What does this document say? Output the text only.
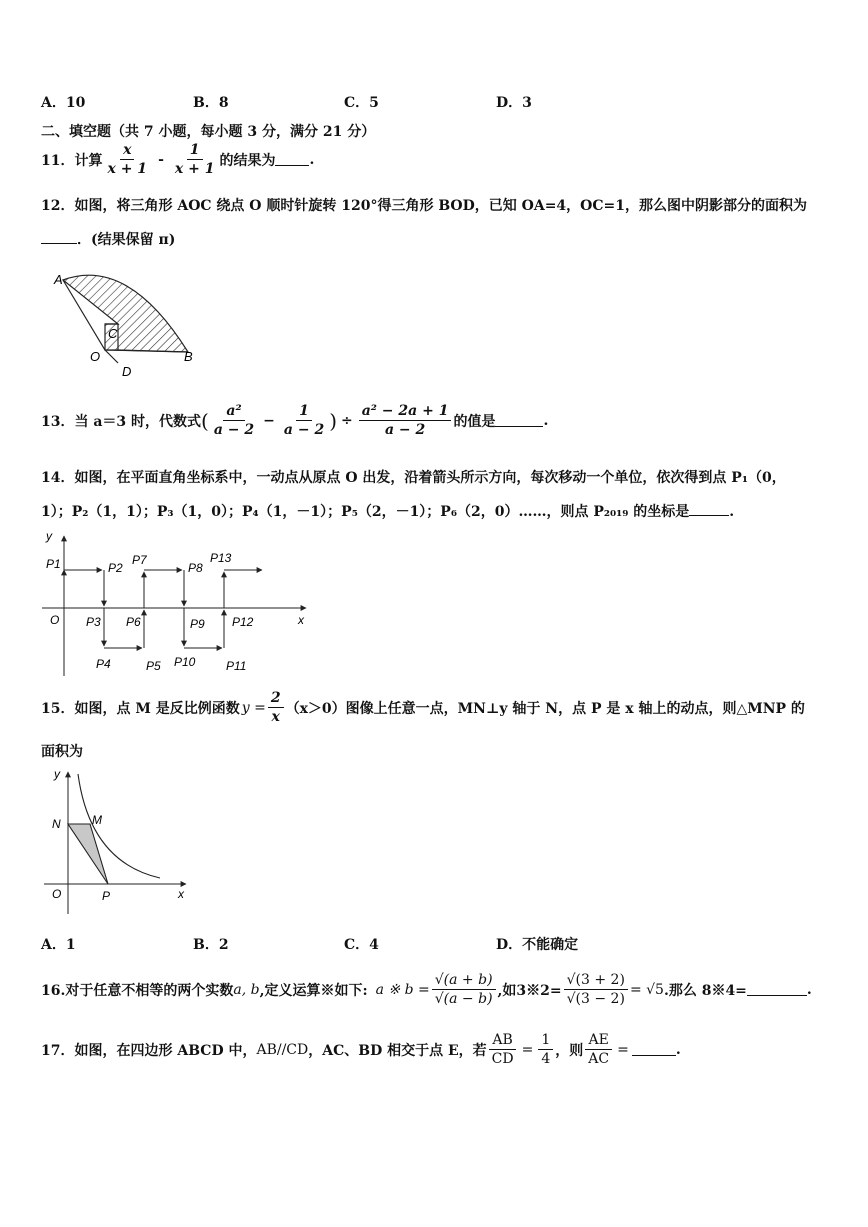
A．10	B．8	C．5	D．3
二、填空题（共 7 小题，每小题 3 分，满分 21 分）
11． 计算 $\frac{x}{x + 1} - \frac{1}{x + 1}$ 的结果为 .
12．如图，将三角形 AOC 绕点 O 顺时针旋转 120°得三角形 BOD，已知 OA=4，OC=1，那么图中阴影部分的面积为
．(结果保留 π)
A
C
O
D
B
13． 当 a＝3 时，代数式 ( $\frac{\text{a²}}{a - 2} - \frac{1}{a - 2}$ ) ÷ $\frac{\text{a² − 2a + 1}}{a - 2}$ 的值是	.
14．如图，在平面直角坐标系中，一动点从原点 O 出发，沿着箭头所示方向，每次移动一个单位，依次得到点 P₁（0，
1）；P₂（1，1）；P₃（1，0）；P₄（1，－1）；P₅（2，－1）；P₆（2，0）……，则点 P₂₀₁₉ 的坐标是	.
y
x
O
P1	P2
P7
P8
P13
P3 P6	P9 P12
P4	P5 P10	P11
15．如图，点 M 是反比例函数 $y = \frac{2}{x} (x>0)$图像上任意一点，MN⊥y 轴于 N，点 P 是 x 轴上的动点，则△MNP 的
面积为
y
N	M
O	P	x
A．1	B．2	C．4	D．不能确定
16.对于任意不相等的两个实数 a, b ,定义运算※如下: a ※ $b = \frac{√(a + b)}{√(a - b)}$ ,如3※2= $\frac{√(3 + 2)}{√(3 - 2)} = √5$ .那么 8※4=	.
17．如图，在四边形 ABCD 中， AB//CD ，AC、BD 相交于点 E，若 $\frac{AB}{CD} = \frac{1}{4}$ ，则 $\frac{AE}{AC}$ =	.
